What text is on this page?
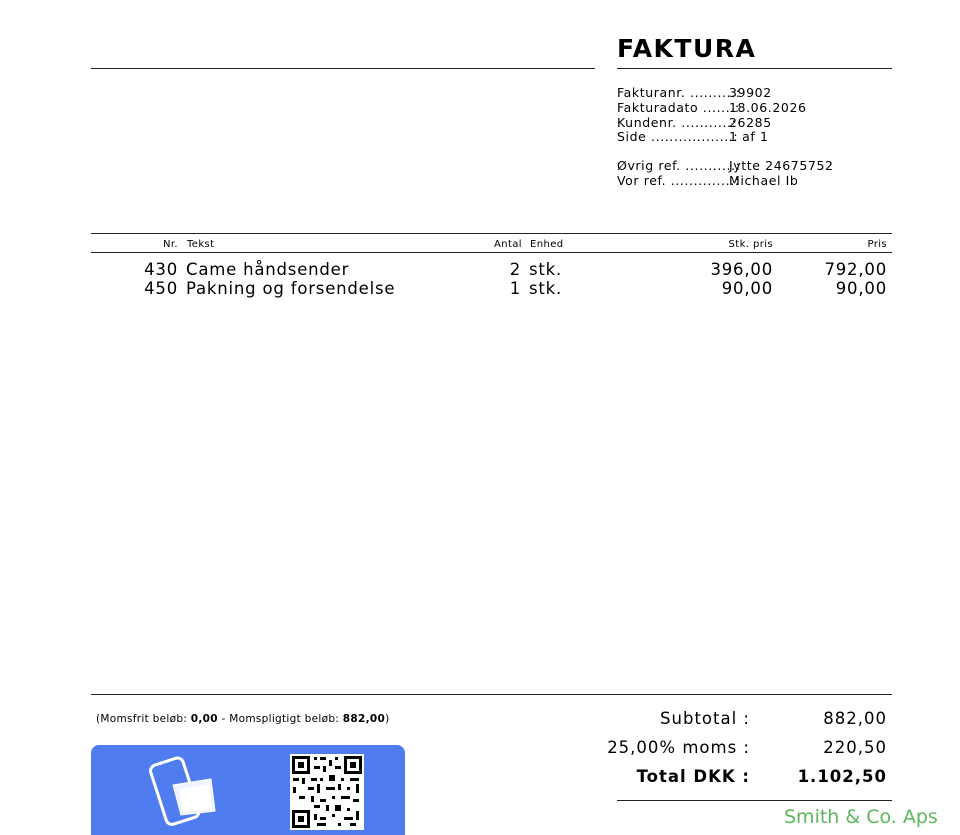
FAKTURA
Fakturanr. ..........:39902
Fakturadato .......:18.06.2026
Kundenr. ...........:26285
Side ..................:1 af 1
Øvrig ref. ...........:Jytte 24675752
Vor ref. ..............:Michael Ib
Nr. Tekst	Antal Enhed	Stk. pris	Pris
430 Came håndsender	2 stk.	396,00	792,00
450 Pakning og forsendelse	1 stk.	90,00	90,00
(Momsfrit beløb: 0,00 - Momspligtigt beløb: 882,00)	Subtotal :	882,00
25,00% moms :	220,50
Total DKK :	1.102,50
Smith & Co. Aps
